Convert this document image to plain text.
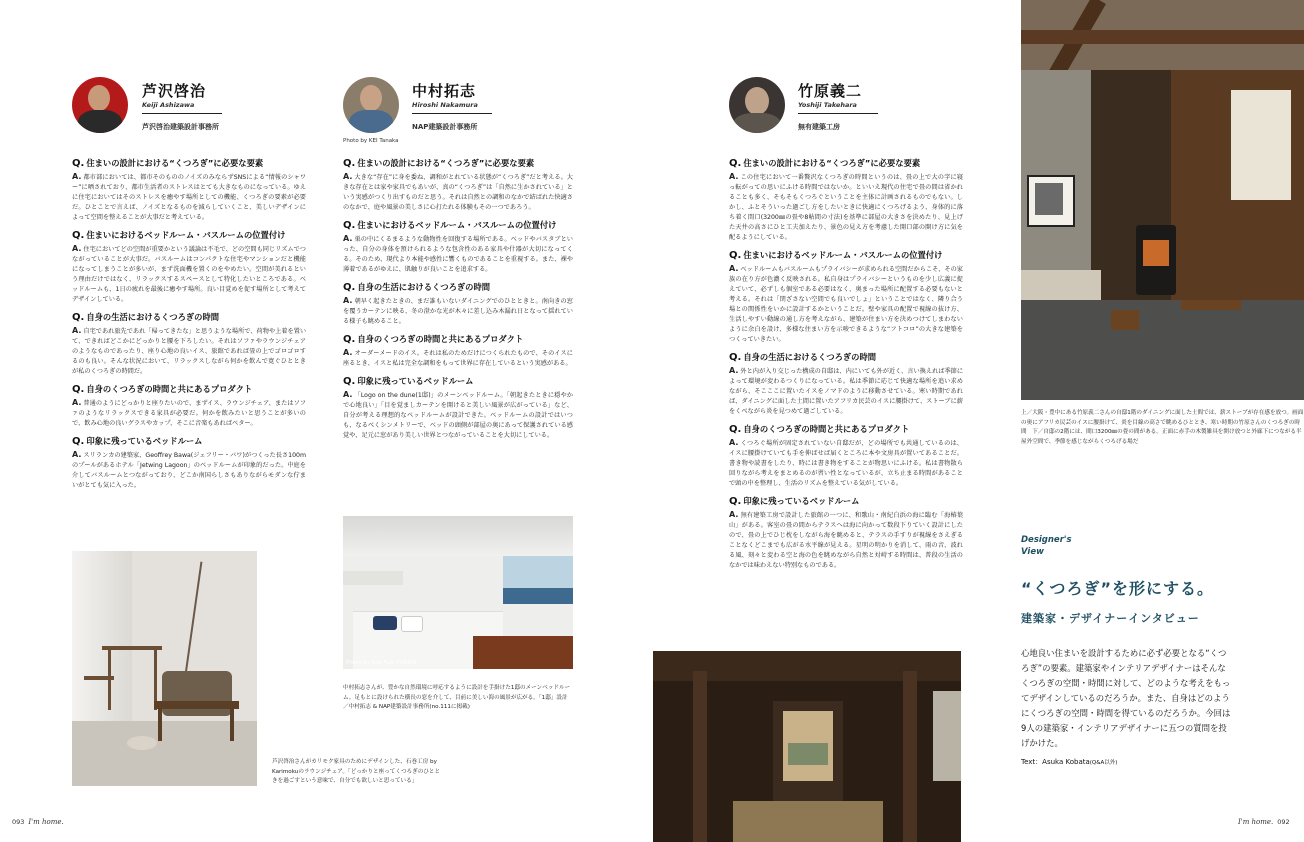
芦沢啓治
Keiji Ashizawa
芦沢啓治建築設計事務所
Q. 住まいの設計における“くつろぎ”に必要な要素
A. 都市部においては、都市そのもののノイズのみならずSNSによる“情報のシャワー”に晒されており、都市生活者のストレスはとても大きなものになっている。ゆえに住宅においてはそのストレスを癒やす場所としての機能、くつろぎの要素が必要だ。ひとことで言えば、ノイズとなるものを減らしていくこと、美しいデザインによって空間を整えることが大事だと考えている。
Q. 住まいにおけるベッドルーム・バスルームの位置付け
A. 住宅においてどの空間が重要かという議論は不毛で、どの空間も同じリズムでつながっていることが大事だ。バスルームはコンパクトな住宅やマンションだと機能になってしまうことが多いが、まず洗面機を置くのをやめたい。空間が美れるという理由だけではなく、リラックスするスペースとして特化したいところである。ベッドルームも、1日の疲れを最後に癒やす場所。良い目覚めを促す場所として考えてデザインしている。
Q. 自身の生活におけるくつろぎの時間
A. 自宅であれ旅先であれ「帰ってきたな」と思うような場所で、荷物や上着を置いて、できればどこかにどっかりと腰を下ろしたい。それはソファやラウンジチェアのようなものであったり、座り心地の良いイス、旅館であれば畳の上でゴロゴロするのも良い。そんな状況において、リラックスしながら何かを飲んで寛ぐひとときが私のくつろぎの時間だ。
Q. 自身のくつろぎの時間と共にあるプロダクト
A. 普通のようにどっかりと座りたいので、まずイス、ラウンジチェア、またはソファのようなリラックスできる家具が必要だ。何かを飲みたいと思うことが多いので、飲み心地の良いグラスやカップ、そこに音楽もあればベター。
Q. 印象に残っているベッドルーム
A. スリランカの建築家、Geoffrey Bawa(ジェフリー・バワ)がつくった長さ100mのプールがあるホテル「Jetwing Lagoon」のベッドルームが印象的だった。中庭を介してバスルームとつながっており、どこか南国らしさもありながらモダンな佇まいがとても気に入った。
芦沢啓治さんがカリモク家具のためにデザインした、石巻工房 by Karimokuのラウンジチェア。「どっかりと座ってくつろぎのひとときを過ごすという意味で、自分でも欲しいと思っている」
Photo by KEI Tanaka
中村拓志
Hiroshi Nakamura
NAP建築設計事務所
Q. 住まいの設計における“くつろぎ”に必要な要素
A. 大きな“存在”に身を委ね、調和がとれている状態が“くつろぎ”だと考える。大きな存在とは家や家具でもあいが、真の“くつろぎ”は「自然に生かされている」という実感がつくり出すものだと思う。それは自然との調和のなかで結ばれた快適さのなかで、庭や風景の美しさに心打たれる体験もその一つであろう。
Q. 住まいにおけるベッドルーム・バスルームの位置付け
A. 巣の中にくるまるような動物性を回復する場所である。ベッドやバスタブといった、自分の身体を預けられるような包含性のある家具や什器が大切になってくる。そのため、現代より本能や感性に響くものであることを重視する。また、裸や薄着であるがゆえに、肌触りが良いことを追求する。
Q. 自身の生活におけるくつろぎの時間
A. 朝早く起きたときの、まだ誰もいないダイニングでのひとときと。南向きの窓を覆うカーテンに映る、冬の澄かな光が木々に差し込み木漏れ日となって揺れている様子も眺めること。
Q. 自身のくつろぎの時間と共にあるプロダクト
A. オーダーメードのイス。それは私のためだけにつくられたもので、そのイスに座るとき、イスと私は完全な調和をもって世界に存在しているという実感がある。
Q. 印象に残っているベッドルーム
A. 「Logo on the dune(1邸)」のメーンベッドルーム。「朝起きたときに穏やかで心地良い」「目を覚ましカーテンを開けると美しい風景が広がっている」など、自分が考える理想的なベッドルームが設計できた。ベッドルームの設計ではいつも、なるべくシンメトリーで、ベッドの頭側が部屋の奥にあって保護されている感覚や、足元に窓があり美しい世界とつながっていることを大切にしている。
Photo by Koji Fujii TOREAL
中村拓志さんが、豊かな自然環境に呼応するように設計を手掛けた1邸のメーンベッドルーム。足もとに設けられた横長の窓を介して、目前に美しい海の風景が広がる。「1邸」設計／中村拓志 & NAP建築設計事務所(no.111に掲載)
竹原義二
Yoshiji Takehara
無有建築工房
Q. 住まいの設計における“くつろぎ”に必要な要素
A. この住宅において一番贅沢なくつろぎの時間というのは、畳の上で大の字に寝っ転がっての思いにふける時間ではないか。といいえ現代の住宅で畳の間は省かれることも多く、そもそもくつろぐということを主体に計画されるものでもない。しかし、ふとそういった過ごし方をしたいときに快適にくつろげるよう、身体的に落ち着く間口(3200㎜の畳や8帖間の寸法)を基準に部屋の大きさを決めたり、見上げた天井の高さにひと工夫加えたり、景色の見え方を考慮した開口部の開け方に気を配るようにしている。
Q. 住まいにおけるベッドルーム・バスルームの位置付け
A. ベッドルームもバスルームもプライバシーが求められる空間だからこそ、その家族の在り方が色濃く反映される。私自身はプライバシーというものを少し広義に捉えていて、必ずしも個室である必要はなく、奥まった場所に配置する必要もないと考える。それは「閉ざさない空間でも良いでしょ」ということではなく、隣り合う場との関係性をいかに設計するかということだ。壁や家具の配置で視線の抜け方、生活しやすい動線の通し方を考えながら、建築が住まい方を決めつけてしまわないように余白を設け、多様な住まい方を示唆できるような“フトコロ”の大きな建築をつくっていきたい。
Q. 自身の生活におけるくつろぎの時間
A. 外と内が入り交じった構成の自邸は、内にいても外が近く、言い換えれば季節によって環境が変わるつくりになっている。私は季節に応じて快適な場所を追い求めながら、そこここに置いたイスをノマドのように移動させている。寒い時期であれば、ダイニングに面した土間に置いたアフリカ民芸のイスに腰掛けて、ストーブに薪をくべながら炎を見つめて過ごしている。
Q. 自身のくつろぎの時間と共にあるプロダクト
A. くつろぐ場所が固定されていない自邸だが、どの場所でも共通しているのは、イスに腰掛けていても手を伸ばせば届くところに本や文房具が置いてあることだ。書き物や読書をしたり、時には書き物をすることが物思いにふける。私は書物散ら回りながら考えをまとめるのが習い性となっているが、立ち止まる時間があることで頭の中を整理し、生活のリズムを整えている気がしている。
Q. 印象に残っているベッドルーム
A. 無有建築工房で設計した旅館の一つに、和歌山・南紀白浜の海に臨む「海椿葉山」がある。客室の畳の間からテラスへは海に向かって数段下りていく設計にしたので、畳の上でひじ枕をしながら海を眺めると、テラスの手すりが視線をさえぎることなくどこまでも広がる水平線が見える。星明の明かりを消して、雨の音、波れる風、刻々と変わる空と海の色を眺めながら自然と対峙する時間は、普段の生活のなかでは味わえない特別なものである。
上／大阪・豊中にある竹原義二さんの自邸1階のダイニングに面した土間では、薪ストーブが存在感を放つ。画面の奥にアフリカ民芸のイスに腰掛けて、炎を目線の高さで眺めるひととき、寒い時期の竹原さんのくつろぎの時間　下／自邸の2階には、間口3200㎜の畳の間がある。正面に赤手の木製雑具を開け放つと外廊下につながる半屋外空間で、季節を感じながらくつろげる場だ
Designer's View
“くつろぎ”を形にする。
建築家・デザイナーインタビュー
心地良い住まいを設計するために必ず必要となる“くつろぎ”の要素。建築家やインテリアデザイナーはそんなくつろぎの空間・時間に対して、どのような考えをもってデザインしているのだろうか。また、自身はどのようにくつろぎの空間・時間を得ているのだろうか。今回は9人の建築家・インテリアデザイナーに五つの質問を投げかけた。
Text：Asuka Kobata(Q&A以外)
093 I'm home.	I'm home. 092
